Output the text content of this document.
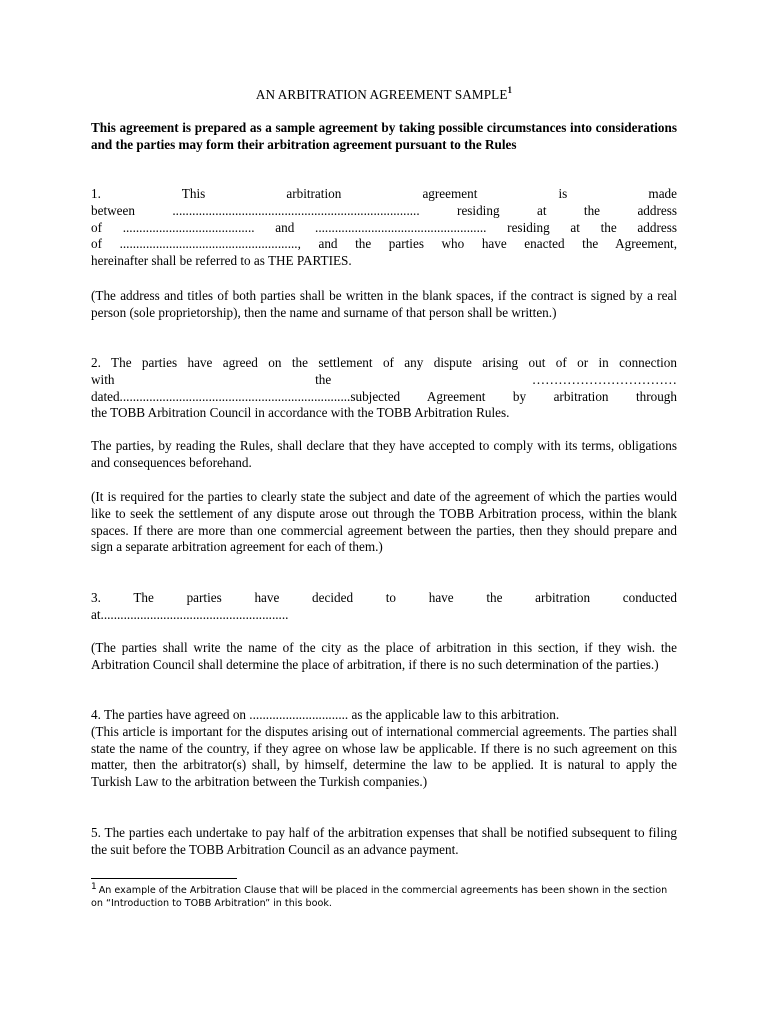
AN ARBITRATION AGREEMENT SAMPLE$^1$

This agreement is prepared as a sample agreement by taking possible circumstances into considerations and the parties may form their arbitration agreement pursuant to the Rules

1. This arbitration agreement is made
between ........................................................................... residing at the address
of ........................................ and .................................................... residing at the address
of ......................................................, and the parties who have enacted the Agreement,
hereinafter shall be referred to as THE PARTIES.

(The address and titles of both parties shall be written in the blank spaces, if the contract is signed by a real person (sole proprietorship), then the name and surname of that person shall be written.)

2. The parties have agreed on the settlement of any dispute arising out of or in connection
with the ……………………………
dated......................................................................subjected Agreement by arbitration through
the TOBB Arbitration Council in accordance with the TOBB Arbitration Rules.

The parties, by reading the Rules, shall declare that they have accepted to comply with its terms, obligations and consequences beforehand.

(It is required for the parties to clearly state the subject and date of the agreement of which the parties would like to seek the settlement of any dispute arose out through the TOBB Arbitration process, within the blank spaces. If there are more than one commercial agreement between the parties, then they should prepare and sign a separate arbitration agreement for each of them.)

3. The parties have decided to have the arbitration conducted
at.........................................................

(The parties shall write the name of the city as the place of arbitration in this section, if they wish. the Arbitration Council shall determine the place of arbitration, if there is no such determination of the parties.)

4. The parties have agreed on .............................. as the applicable law to this arbitration.
(This article is important for the disputes arising out of international commercial agreements. The parties shall state the name of the country, if they agree on whose law be applicable. If there is no such agreement on this matter, then the arbitrator(s) shall, by himself, determine the law to be applied. It is natural to apply the Turkish Law to the arbitration between the Turkish companies.)

5. The parties each undertake to pay half of the arbitration expenses that shall be notified subsequent to filing the suit before the TOBB Arbitration Council as an advance payment.

$^1$ An example of the Arbitration Clause that will be placed in the commercial agreements has been shown in the section on “Introduction to TOBB Arbitration” in this book.
